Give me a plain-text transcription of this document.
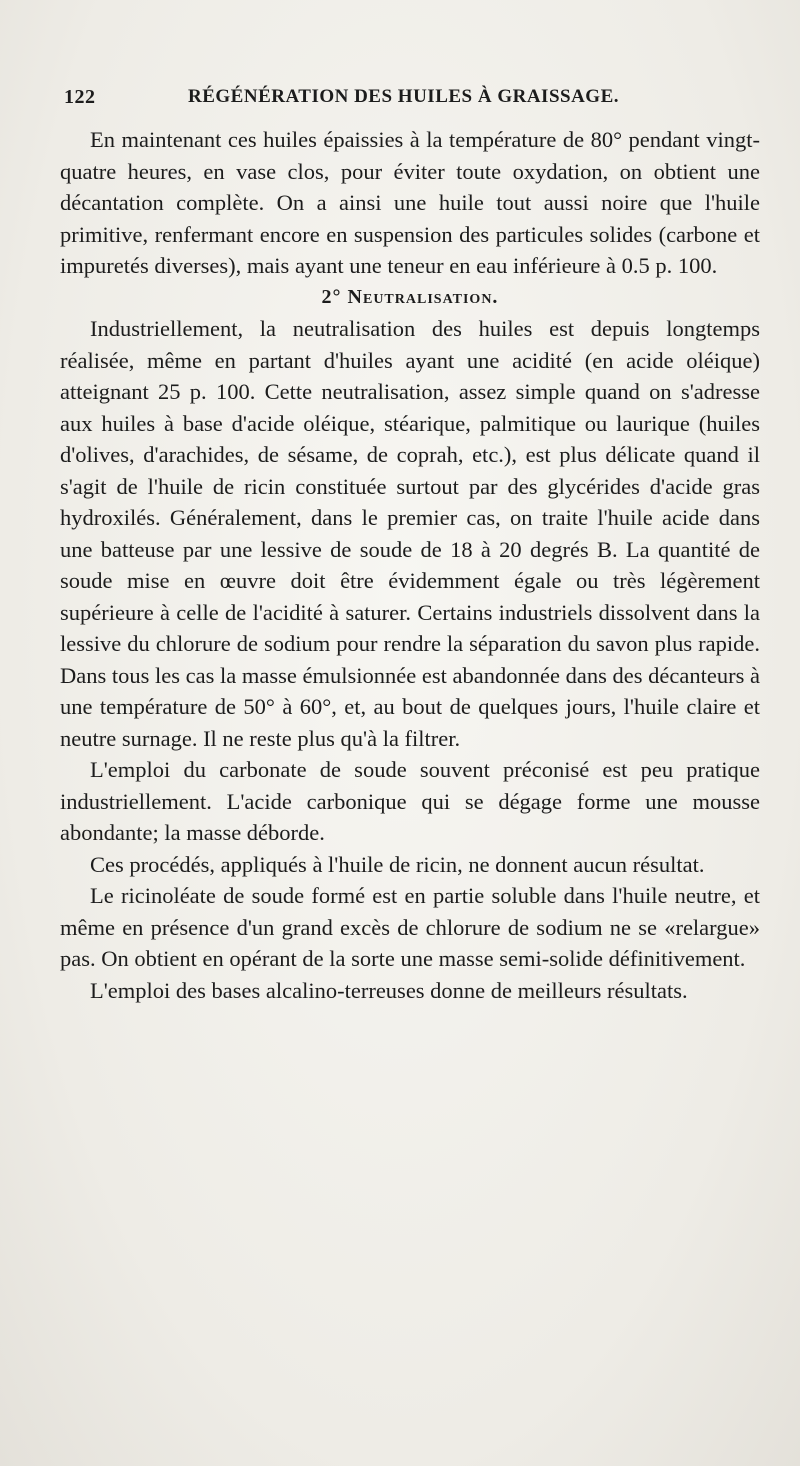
122	RÉGÉNÉRATION DES HUILES À GRAISSAGE.

En maintenant ces huiles épaissies à la température de 80° pendant vingt-quatre heures, en vase clos, pour éviter toute oxydation, on obtient une décantation complète. On a ainsi une huile tout aussi noire que l'huile primitive, renfermant encore en suspension des particules solides (carbone et impuretés diverses), mais ayant une teneur en eau inférieure à 0.5 p. 100.

2° Neutralisation.

Industriellement, la neutralisation des huiles est depuis longtemps réalisée, même en partant d'huiles ayant une acidité (en acide oléique) atteignant 25 p. 100. Cette neutralisation, assez simple quand on s'adresse aux huiles à base d'acide oléique, stéarique, palmitique ou laurique (huiles d'olives, d'arachides, de sésame, de coprah, etc.), est plus délicate quand il s'agit de l'huile de ricin constituée surtout par des glycérides d'acide gras hydroxilés. Généralement, dans le premier cas, on traite l'huile acide dans une batteuse par une lessive de soude de 18 à 20 degrés B. La quantité de soude mise en œuvre doit être évidemment égale ou très légèrement supérieure à celle de l'acidité à saturer. Certains industriels dissolvent dans la lessive du chlorure de sodium pour rendre la séparation du savon plus rapide. Dans tous les cas la masse émulsionnée est abandonnée dans des décanteurs à une température de 50° à 60°, et, au bout de quelques jours, l'huile claire et neutre surnage. Il ne reste plus qu'à la filtrer.

L'emploi du carbonate de soude souvent préconisé est peu pratique industriellement. L'acide carbonique qui se dégage forme une mousse abondante; la masse déborde.

Ces procédés, appliqués à l'huile de ricin, ne donnent aucun résultat.

Le ricinoléate de soude formé est en partie soluble dans l'huile neutre, et même en présence d'un grand excès de chlorure de sodium ne se «relargue» pas. On obtient en opérant de la sorte une masse semi-solide définitivement.

L'emploi des bases alcalino-terreuses donne de meilleurs résultats.
